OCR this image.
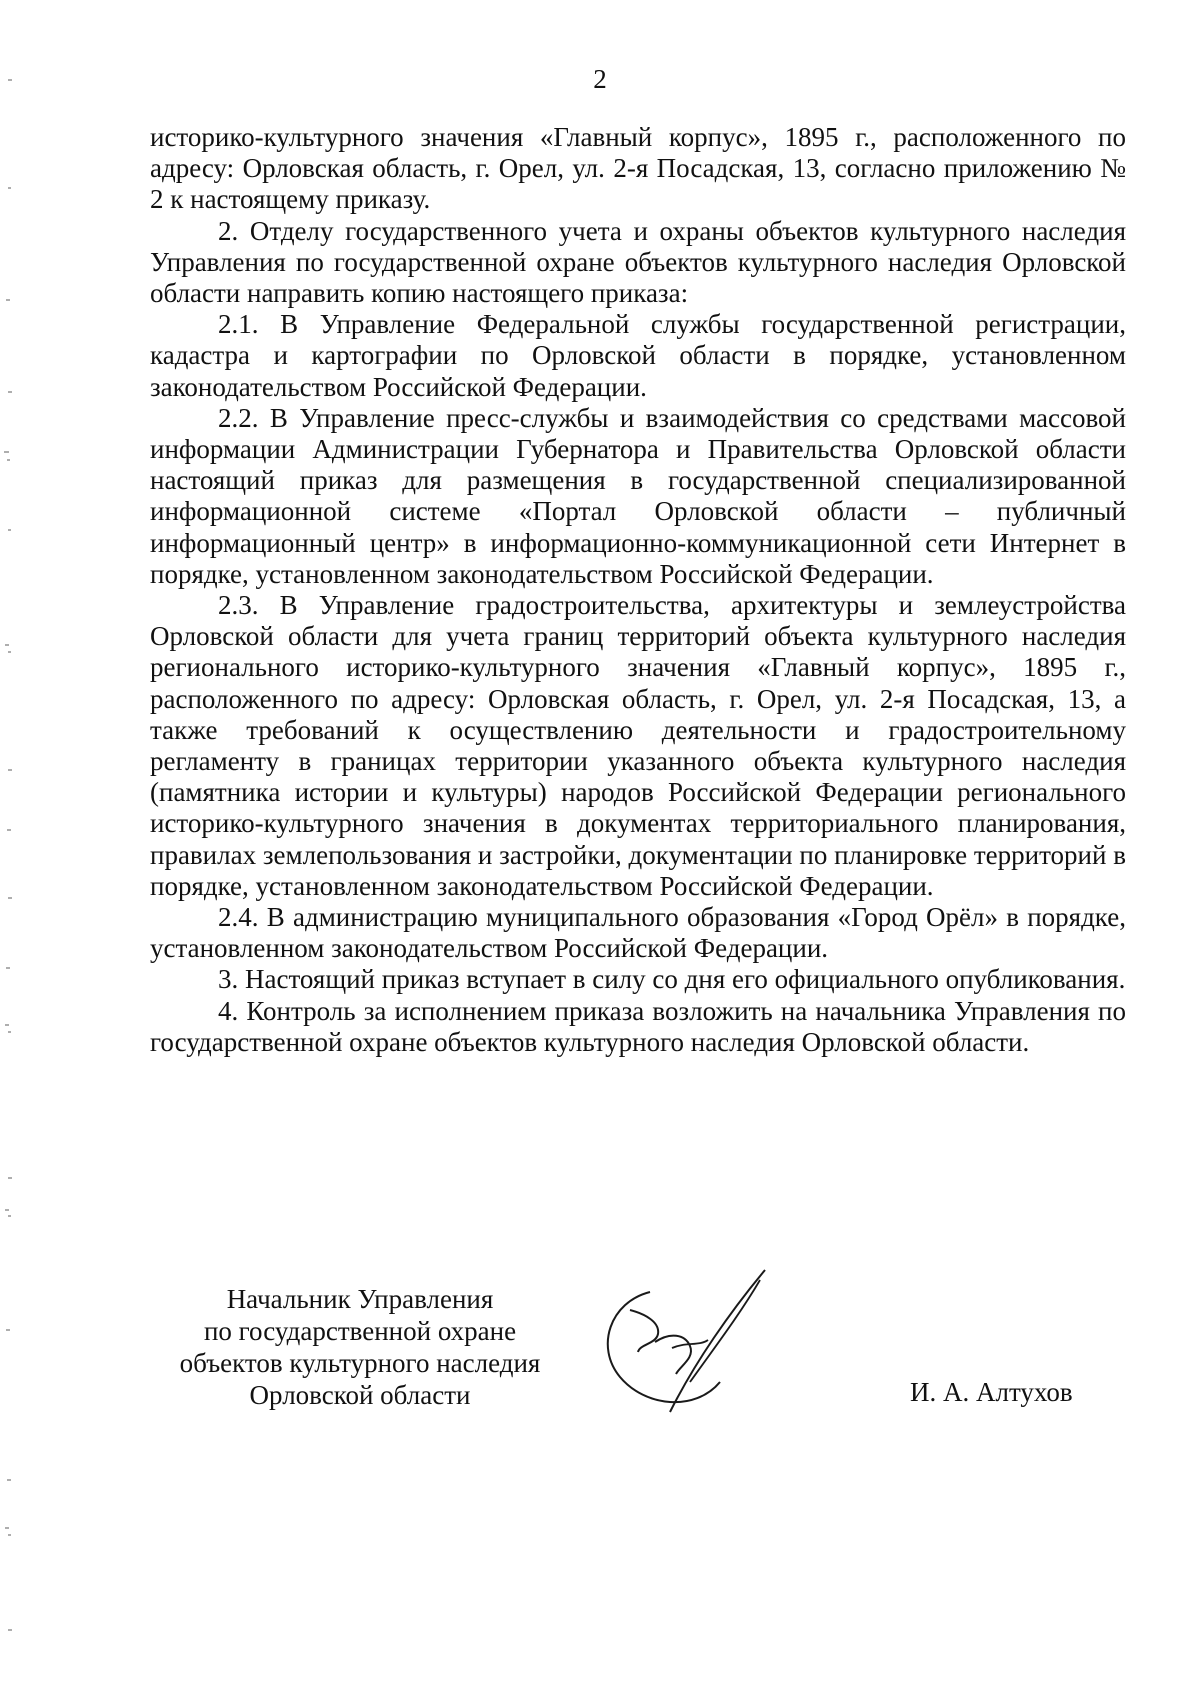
2

историко-культурного значения «Главный корпус», 1895 г., расположенного по адресу: Орловская область, г. Орел, ул. 2-я Посадская, 13, согласно приложению № 2 к настоящему приказу.

2. Отделу государственного учета и охраны объектов культурного наследия Управления по государственной охране объектов культурного наследия Орловской области направить копию настоящего приказа:

2.1. В Управление Федеральной службы государственной регистрации, кадастра и картографии по Орловской области в порядке, установленном законодательством Российской Федерации.

2.2. В Управление пресс-службы и взаимодействия со средствами массовой информации Администрации Губернатора и Правительства Орловской области настоящий приказ для размещения в государственной специализированной информационной системе «Портал Орловской области – публичный информационный центр» в информационно-коммуникационной сети Интернет в порядке, установленном законодательством Российской Федерации.

2.3. В Управление градостроительства, архитектуры и землеустройства Орловской области для учета границ территорий объекта культурного наследия регионального историко-культурного значения «Главный корпус», 1895 г., расположенного по адресу: Орловская область, г. Орел, ул. 2-я Посадская, 13, а также требований к осуществлению деятельности и градостроительному регламенту в границах территории указанного объекта культурного наследия (памятника истории и культуры) народов Российской Федерации регионального историко-культурного значения в документах территориального планирования, правилах землепользования и застройки, документации по планировке территорий в порядке, установленном законодательством Российской Федерации.

2.4. В администрацию муниципального образования «Город Орёл» в порядке, установленном законодательством Российской Федерации.

3. Настоящий приказ вступает в силу со дня его официального опубликования.

4. Контроль за исполнением приказа возложить на начальника Управления по государственной охране объектов культурного наследия Орловской области.

Начальник Управления
по государственной охране
объектов культурного наследия
Орловской области	И. А. Алтухов
